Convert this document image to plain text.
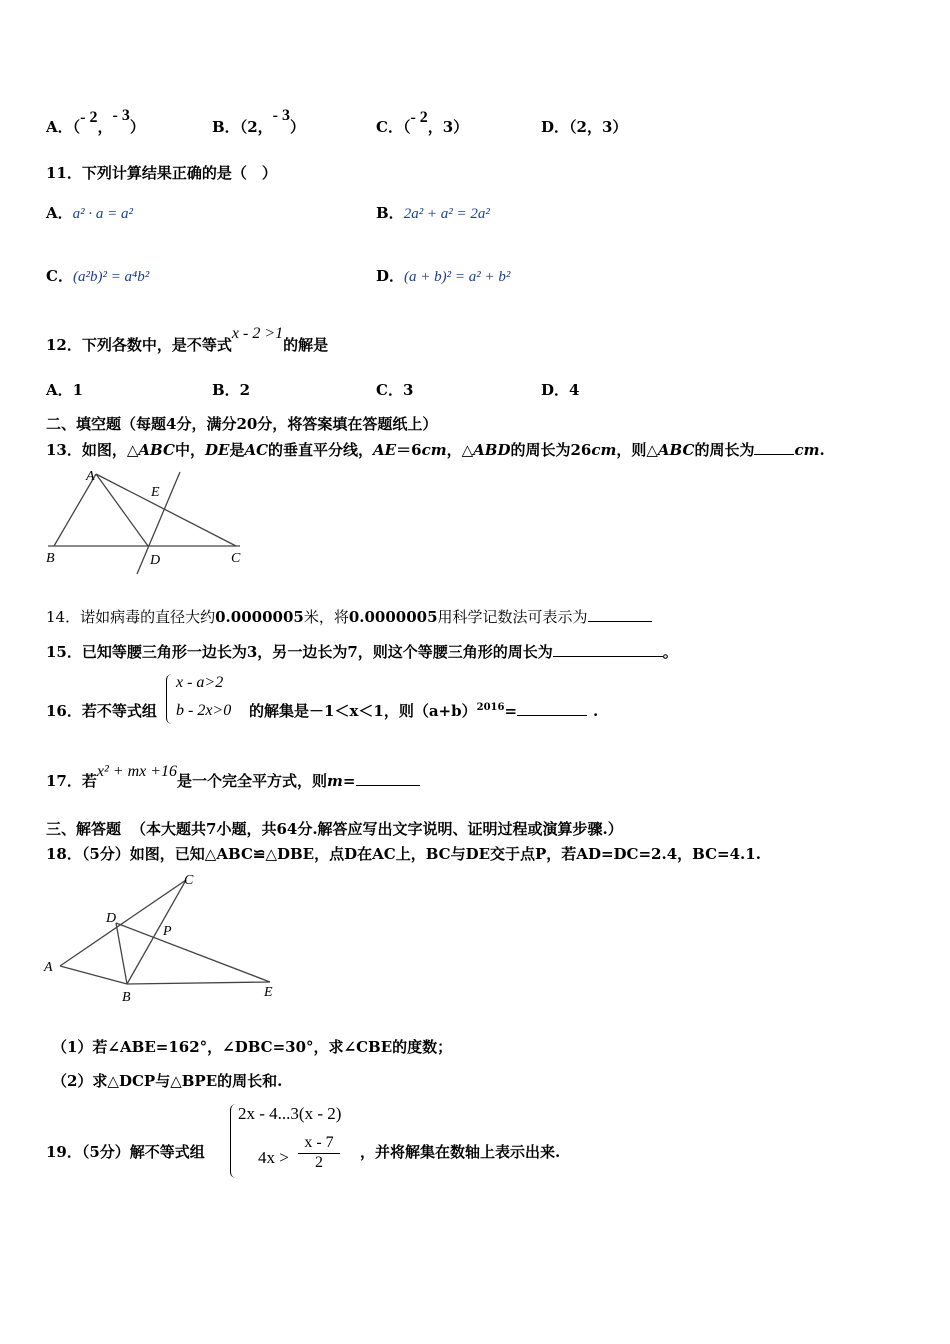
A．（- 2，- 3）	B．（2，- 3）	C．（- 2，3）	D．（2，3）
11．下列计算结果正确的是（　）
A．a² · a = a²	B．2a² + a² = 2a²
C．(a²b)² = a⁴b²	D．(a + b)² = a² + b²
12．下列各数中，是不等式x - 2 >1的解是
A．1	B．2	C．3	D．4
二、填空题（每题4分，满分20分，将答案填在答题纸上）
13．如图，△ABC中，DE是AC的垂直平分线，AE＝6cm，△ABD的周长为26cm，则△ABC的周长为	cm.
A
B	C
D
E
14．诺如病毒的直径大约0.0000005米，将0.0000005用科学记数法可表示为
15．已知等腰三角形一边长为3，另一边长为7，则这个等腰三角形的周长为	。
16．若不等式组
x - a>2
b - 2x>0 的解集是－1＜x＜1，则$(a+b)^{2016}=$	.
17．若x² + mx +16是一个完全平方式，则m=
三、解答题 （本大题共7小题，共64分.解答应写出文字说明、证明过程或演算步骤.）
18．（5分）如图，已知△ABC≌△DBE，点D在AC上，BC与DE交于点P，若AD=DC=2.4，BC=4.1.
A
B
C
D
E
P
（1）若∠ABE=162°，∠DBC=30°，求∠CBE的度数；
（2）求△DCP与△BPE的周长和.
19．（5分）解不等式组
2x - 4...3(x - 2)
$4x > \frac{x - 7}{2}$ ，并将解集在数轴上表示出来.
